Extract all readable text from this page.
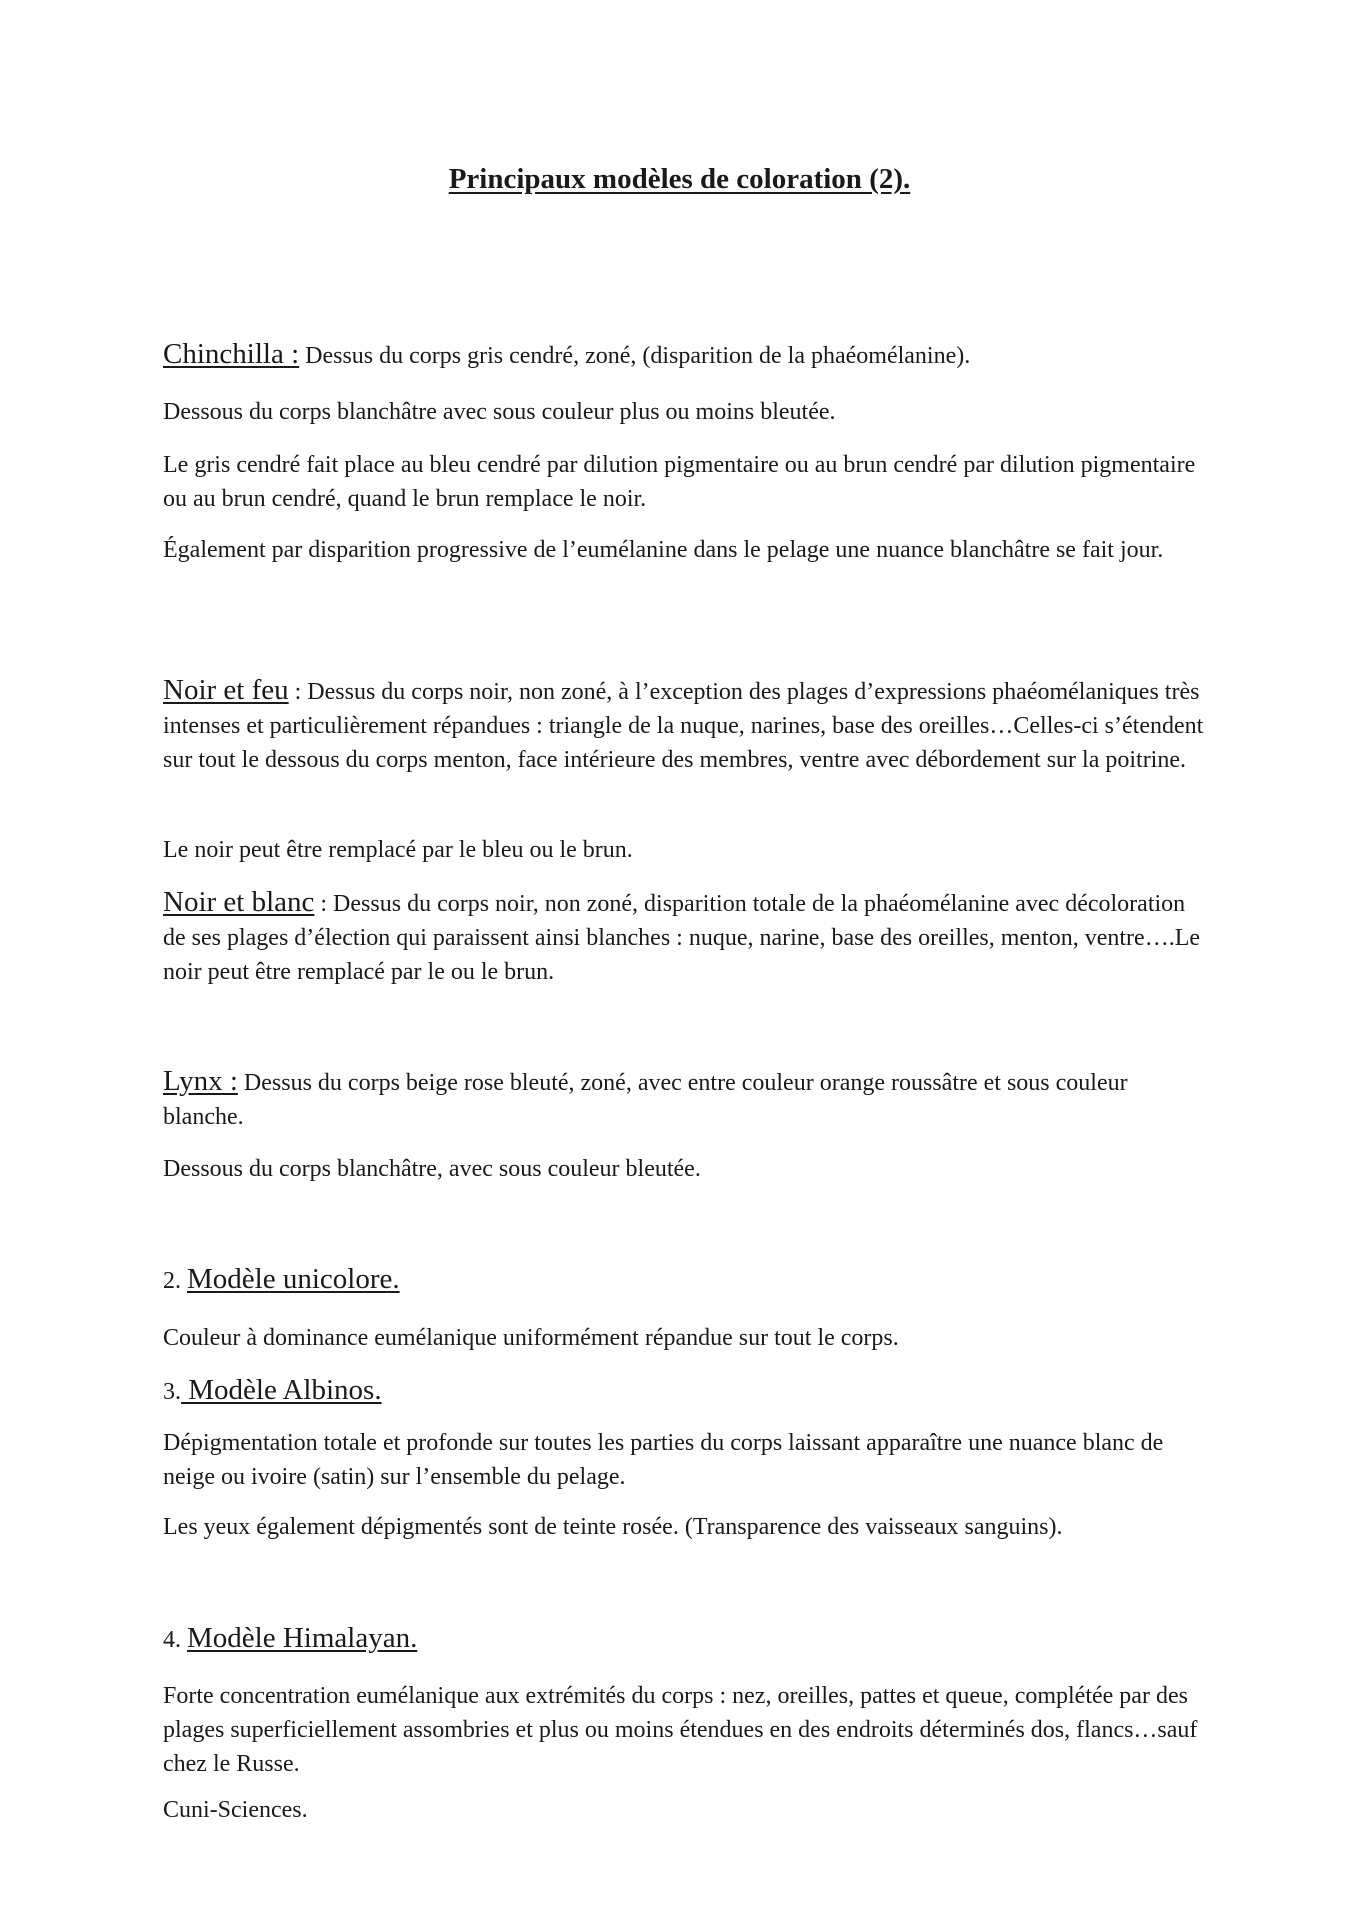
Principaux modèles de coloration (2).

Chinchilla : Dessus du corps gris cendré, zoné, (disparition de la phaéomélanine).

Dessous du corps blanchâtre avec sous couleur plus ou moins bleutée.

Le gris cendré fait place au bleu cendré par dilution pigmentaire ou au brun cendré par dilution pigmentaire ou au brun cendré, quand le brun remplace le noir.

Également par disparition progressive de l’eumélanine dans le pelage une nuance blanchâtre se fait jour.

Noir et feu : Dessus du corps noir, non zoné, à l’exception des plages d’expressions phaéomélaniques très intenses et particulièrement répandues : triangle de la nuque, narines, base des oreilles…Celles-ci s’étendent sur tout le dessous du corps menton, face intérieure des membres, ventre avec débordement sur la poitrine.

Le noir peut être remplacé par le bleu ou le brun.

Noir et blanc : Dessus du corps noir, non zoné, disparition totale de la phaéomélanine avec décoloration de ses plages d’élection qui paraissent ainsi blanches : nuque, narine, base des oreilles, menton, ventre….Le noir peut être remplacé par le ou le brun.

Lynx : Dessus du corps beige rose bleuté, zoné, avec entre couleur orange roussâtre et sous couleur blanche.

Dessous du corps blanchâtre, avec sous couleur bleutée.

2. Modèle unicolore.

Couleur à dominance eumélanique uniformément répandue sur tout le corps.

3. Modèle Albinos.

Dépigmentation totale et profonde sur toutes les parties du corps laissant apparaître une nuance blanc de neige ou ivoire (satin) sur l’ensemble du pelage.

Les yeux également dépigmentés sont de teinte rosée. (Transparence des vaisseaux sanguins).

4. Modèle Himalayan.

Forte concentration eumélanique aux extrémités du corps : nez, oreilles, pattes et queue, complétée par des plages superficiellement assombries et plus ou moins étendues en des endroits déterminés dos, flancs…sauf chez le Russe.

Cuni-Sciences.
